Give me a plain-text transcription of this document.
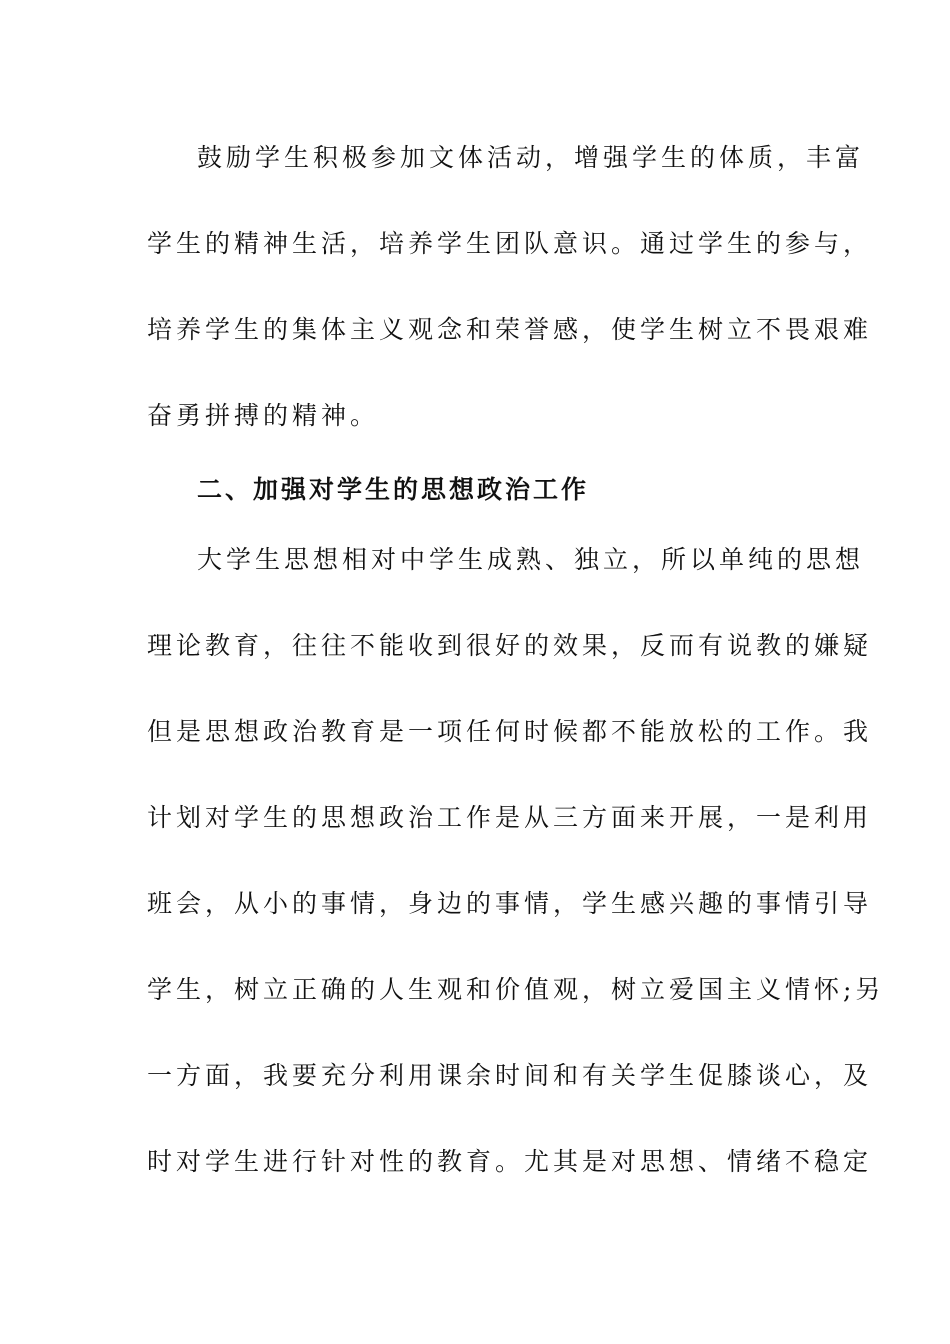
鼓励学生积极参加文体活动，增强学生的体质，丰富
学生的精神生活，培养学生团队意识。通过学生的参与，
培养学生的集体主义观念和荣誉感，使学生树立不畏艰难
奋勇拼搏的精神。
二、加强对学生的思想政治工作
大学生思想相对中学生成熟、独立，所以单纯的思想
理论教育，往往不能收到很好的效果，反而有说教的嫌疑
但是思想政治教育是一项任何时候都不能放松的工作。我
计划对学生的思想政治工作是从三方面来开展，一是利用
班会，从小的事情，身边的事情，学生感兴趣的事情引导
学生，树立正确的人生观和价值观，树立爱国主义情怀;另
一方面，我要充分利用课余时间和有关学生促膝谈心，及
时对学生进行针对性的教育。尤其是对思想、情绪不稳定
